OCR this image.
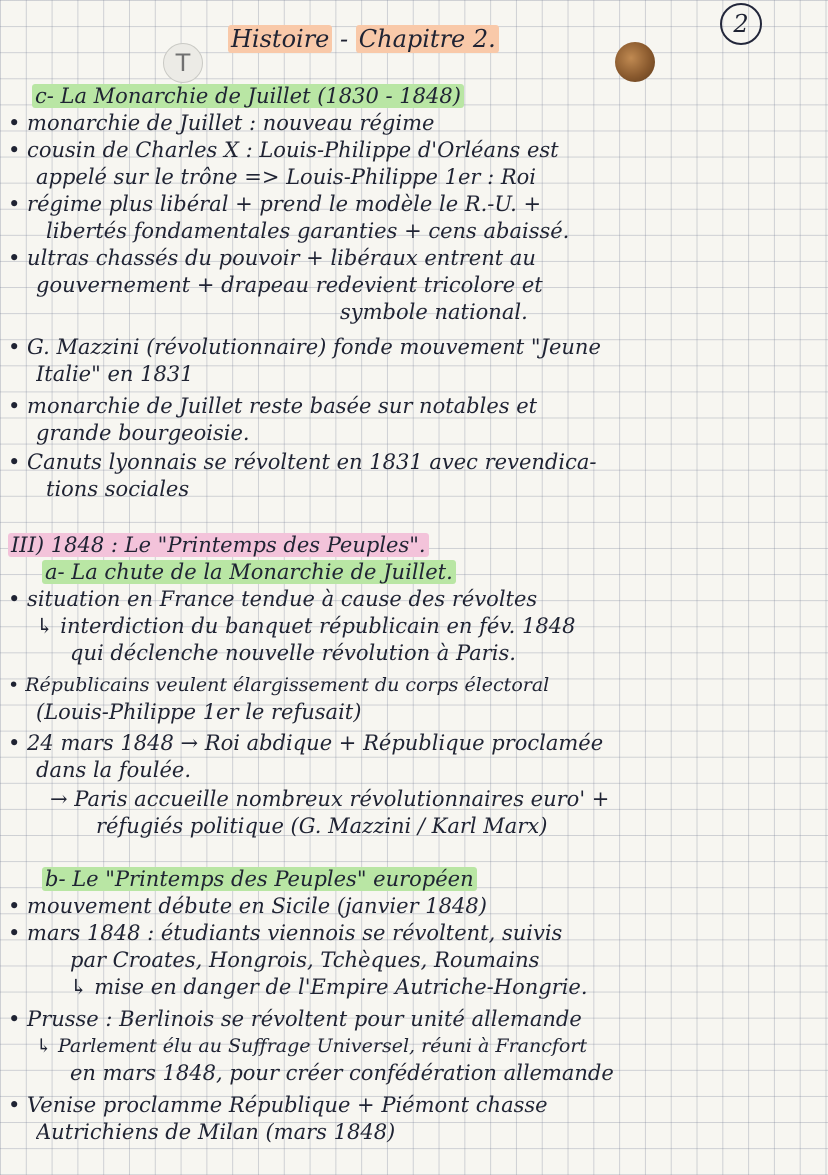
Histoire - Chapitre 2.
2
T
c- La Monarchie de Juillet (1830 - 1848)
• monarchie de Juillet : nouveau régime
• cousin de Charles X : Louis-Philippe d'Orléans est
appelé sur le trône => Louis-Philippe 1er : Roi
• régime plus libéral + prend le modèle le R.-U. +
libertés fondamentales garanties + cens abaissé.
• ultras chassés du pouvoir + libéraux entrent au
gouvernement + drapeau redevient tricolore et
symbole national.
• G. Mazzini (révolutionnaire) fonde mouvement "Jeune
Italie" en 1831
• monarchie de Juillet reste basée sur notables et
grande bourgeoisie.
• Canuts lyonnais se révoltent en 1831 avec revendica-
tions sociales
III) 1848 : Le "Printemps des Peuples".
a- La chute de la Monarchie de Juillet.
• situation en France tendue à cause des révoltes
↳ interdiction du banquet républicain en fév. 1848
qui déclenche nouvelle révolution à Paris.
• Républicains veulent élargissement du corps électoral
(Louis-Philippe 1er le refusait)
• 24 mars 1848 → Roi abdique + République proclamée
dans la foulée.
→ Paris accueille nombreux révolutionnaires euro' +
réfugiés politique (G. Mazzini / Karl Marx)
b- Le "Printemps des Peuples" européen
• mouvement débute en Sicile (janvier 1848)
• mars 1848 : étudiants viennois se révoltent, suivis
par Croates, Hongrois, Tchèques, Roumains
↳ mise en danger de l'Empire Autriche-Hongrie.
• Prusse : Berlinois se révoltent pour unité allemande
↳ Parlement élu au Suffrage Universel, réuni à Francfort
en mars 1848, pour créer confédération allemande
• Venise proclamme République + Piémont chasse
Autrichiens de Milan (mars 1848)
